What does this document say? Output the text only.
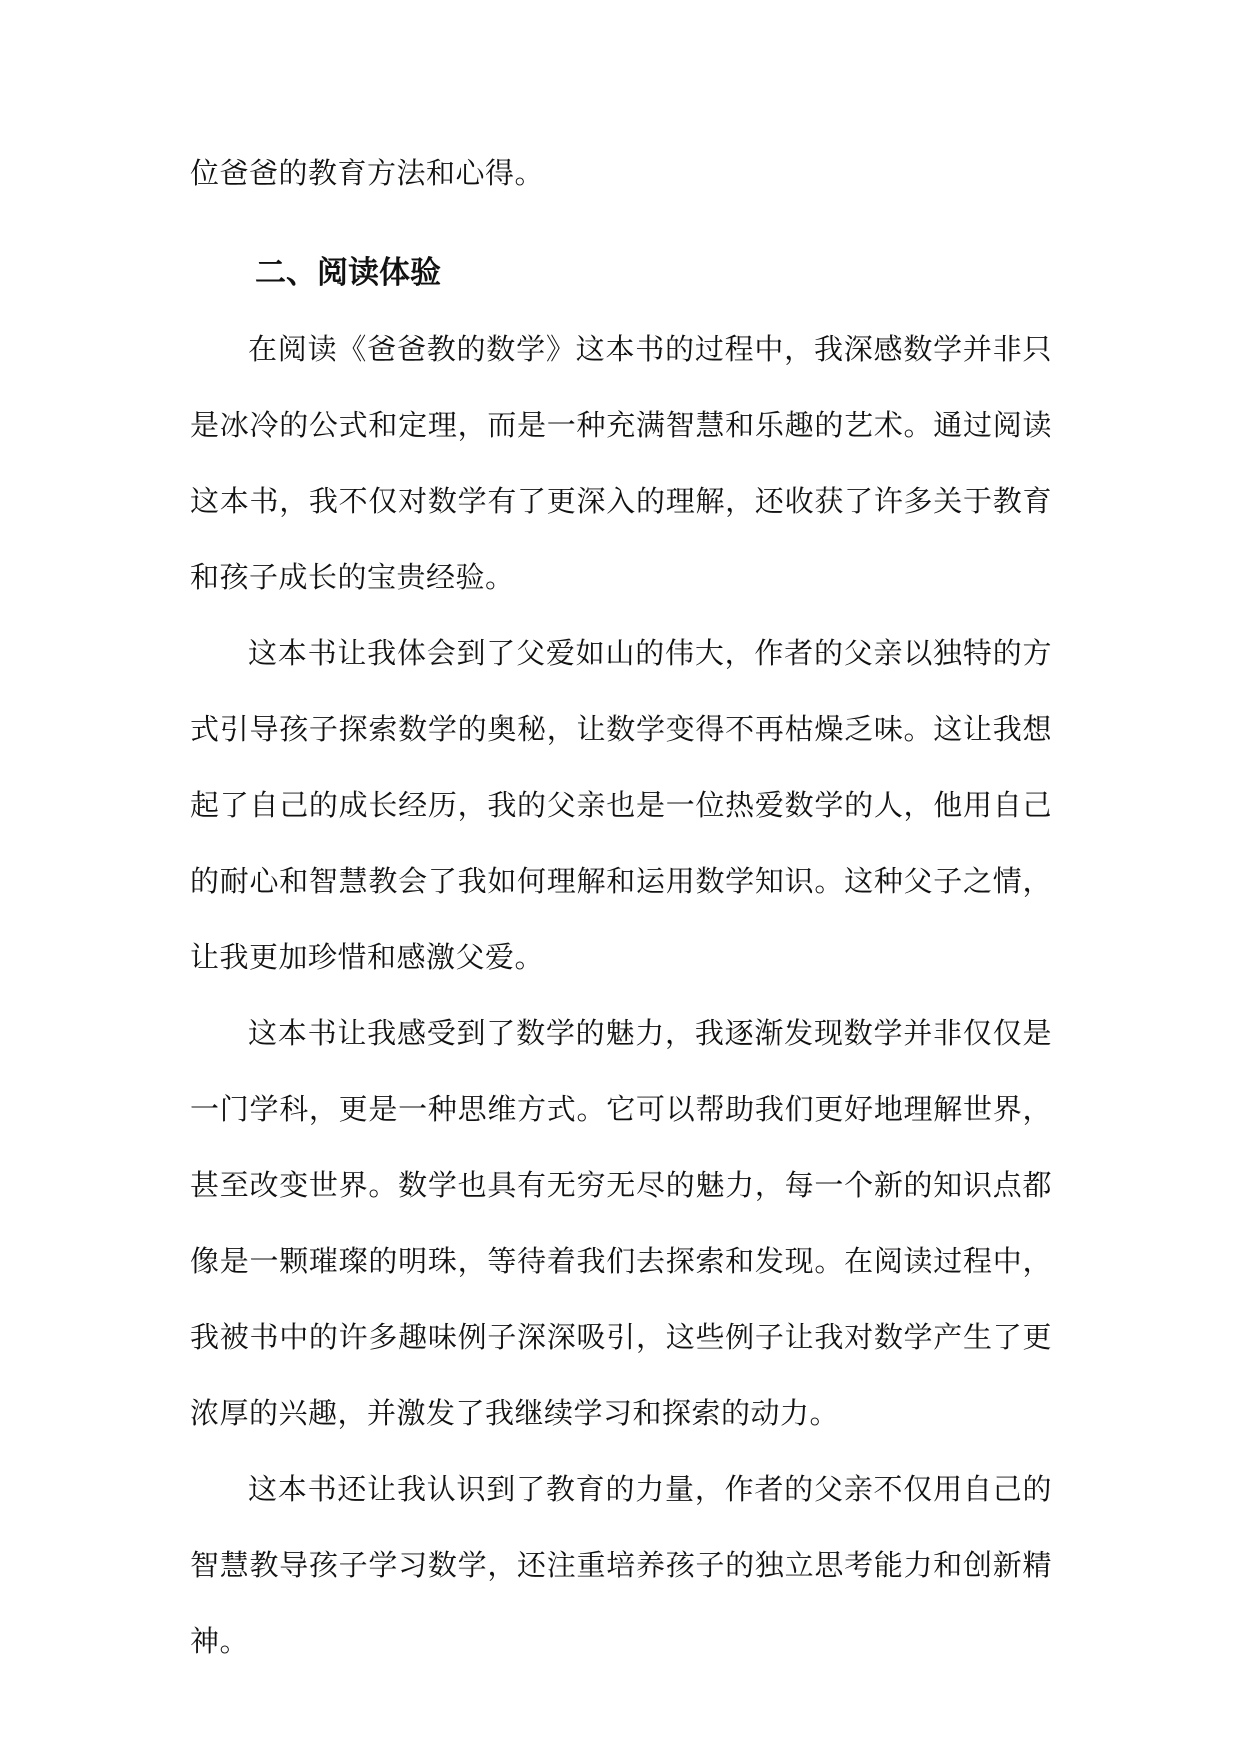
位爸爸的教育方法和心得。

二、阅读体验

在阅读《爸爸教的数学》这本书的过程中，我深感数学并非只是冰冷的公式和定理，而是一种充满智慧和乐趣的艺术。通过阅读这本书，我不仅对数学有了更深入的理解，还收获了许多关于教育和孩子成长的宝贵经验。

这本书让我体会到了父爱如山的伟大，作者的父亲以独特的方式引导孩子探索数学的奥秘，让数学变得不再枯燥乏味。这让我想起了自己的成长经历，我的父亲也是一位热爱数学的人，他用自己的耐心和智慧教会了我如何理解和运用数学知识。这种父子之情，让我更加珍惜和感激父爱。

这本书让我感受到了数学的魅力，我逐渐发现数学并非仅仅是一门学科，更是一种思维方式。它可以帮助我们更好地理解世界，甚至改变世界。数学也具有无穷无尽的魅力，每一个新的知识点都像是一颗璀璨的明珠，等待着我们去探索和发现。在阅读过程中，我被书中的许多趣味例子深深吸引，这些例子让我对数学产生了更浓厚的兴趣，并激发了我继续学习和探索的动力。

这本书还让我认识到了教育的力量，作者的父亲不仅用自己的智慧教导孩子学习数学，还注重培养孩子的独立思考能力和创新精神。
